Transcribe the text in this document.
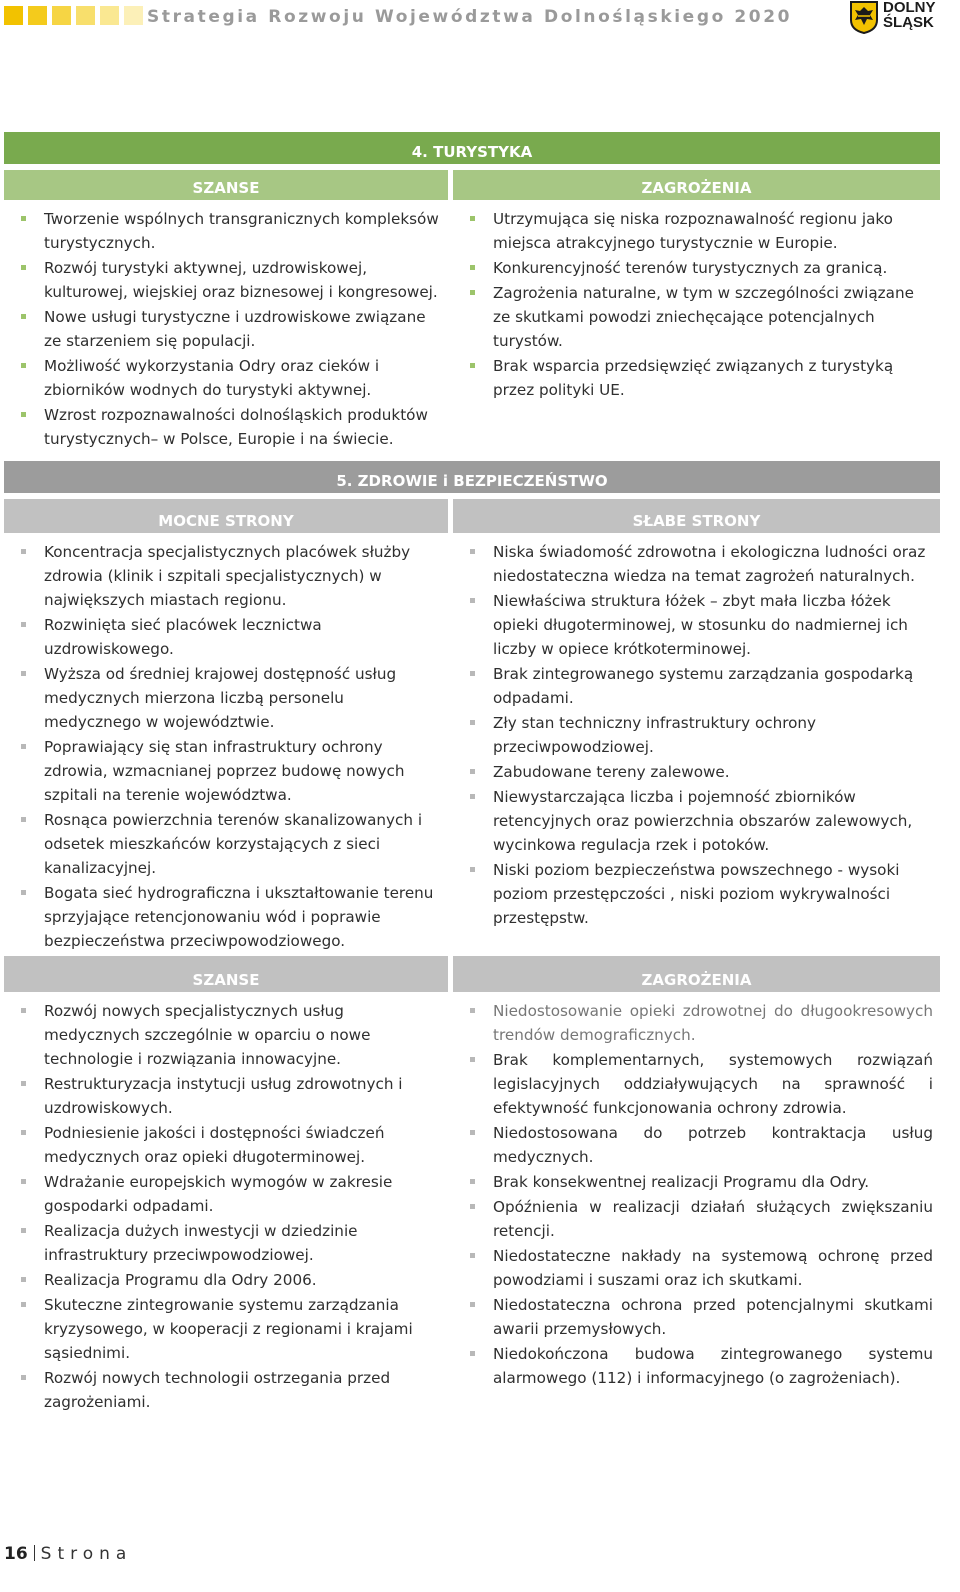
Strategia Rozwoju Województwa Dolnośląskiego 2020	DOLNY
ŚLĄSK
4. TURYSTYKA
SZANSE	ZAGROŻENIA
Tworzenie wspólnych transgranicznych kompleksów turystycznych.
Rozwój turystyki aktywnej, uzdrowiskowej, kulturowej, wiejskiej oraz biznesowej i kongresowej.
Nowe usługi turystyczne i uzdrowiskowe związane ze starzeniem się populacji.
Możliwość wykorzystania Odry oraz cieków i zbiorników wodnych do turystyki aktywnej.
Wzrost rozpoznawalności dolnośląskich produktów turystycznych– w Polsce, Europie i na świecie.
Utrzymująca się niska rozpoznawalność regionu jako miejsca atrakcyjnego turystycznie w Europie.
Konkurencyjność terenów turystycznych za granicą.
Zagrożenia naturalne, w tym w szczególności związane ze skutkami powodzi zniechęcające potencjalnych turystów.
Brak wsparcia przedsięwzięć związanych z turystyką przez polityki UE.
5. ZDROWIE i BEZPIECZEŃSTWO
MOCNE STRONY	SŁABE STRONY
Koncentracja specjalistycznych placówek służby zdrowia (klinik i szpitali specjalistycznych) w największych miastach regionu.
Rozwinięta sieć placówek lecznictwa uzdrowiskowego.
Wyższa od średniej krajowej dostępność usług medycznych mierzona liczbą personelu medycznego w województwie.
Poprawiający się stan infrastruktury ochrony zdrowia, wzmacnianej poprzez budowę nowych szpitali na terenie województwa.
Rosnąca powierzchnia terenów skanalizowanych i odsetek mieszkańców korzystających z sieci kanalizacyjnej.
Bogata sieć hydrograficzna i ukształtowanie terenu sprzyjające retencjonowaniu wód i poprawie bezpieczeństwa przeciwpowodziowego.
Niska świadomość zdrowotna i ekologiczna ludności oraz niedostateczna wiedza na temat zagrożeń naturalnych.
Niewłaściwa struktura łóżek – zbyt mała liczba łóżek opieki długoterminowej, w stosunku do nadmiernej ich liczby w opiece krótkoterminowej.
Brak zintegrowanego systemu zarządzania gospodarką odpadami.
Zły stan techniczny infrastruktury ochrony przeciwpowodziowej.
Zabudowane tereny zalewowe.
Niewystarczająca liczba i pojemność zbiorników retencyjnych oraz powierzchnia obszarów zalewowych, wycinkowa regulacja rzek i potoków.
Niski poziom bezpieczeństwa powszechnego - wysoki poziom przestępczości , niski poziom wykrywalności przestępstw.
SZANSE	ZAGROŻENIA
Rozwój nowych specjalistycznych usług medycznych szczególnie w oparciu o nowe technologie i rozwiązania innowacyjne.
Restrukturyzacja instytucji usług zdrowotnych i uzdrowiskowych.
Podniesienie jakości i dostępności świadczeń medycznych oraz opieki długoterminowej.
Wdrażanie europejskich wymogów w zakresie gospodarki odpadami.
Realizacja dużych inwestycji w dziedzinie infrastruktury przeciwpowodziowej.
Realizacja Programu dla Odry 2006.
Skuteczne zintegrowanie systemu zarządzania kryzysowego, w kooperacji z regionami i krajami sąsiednimi.
Rozwój nowych technologii ostrzegania przed zagrożeniami.
Niedostosowanie opieki zdrowotnej do długookresowych trendów demograficznych.
Brak komplementarnych, systemowych rozwiązań legislacyjnych oddziaływujących na sprawność i efektywność funkcjonowania ochrony zdrowia.
Niedostosowana do potrzeb kontraktacja usług medycznych.
Brak konsekwentnej realizacji Programu dla Odry.
Opóźnienia w realizacji działań służących zwiększaniu retencji.
Niedostateczne nakłady na systemową ochronę przed powodziami i suszami oraz ich skutkami.
Niedostateczna ochrona przed potencjalnymi skutkami awarii przemysłowych.
Niedokończona budowa zintegrowanego systemu alarmowego (112) i informacyjnego (o zagrożeniach).
16 Strona
